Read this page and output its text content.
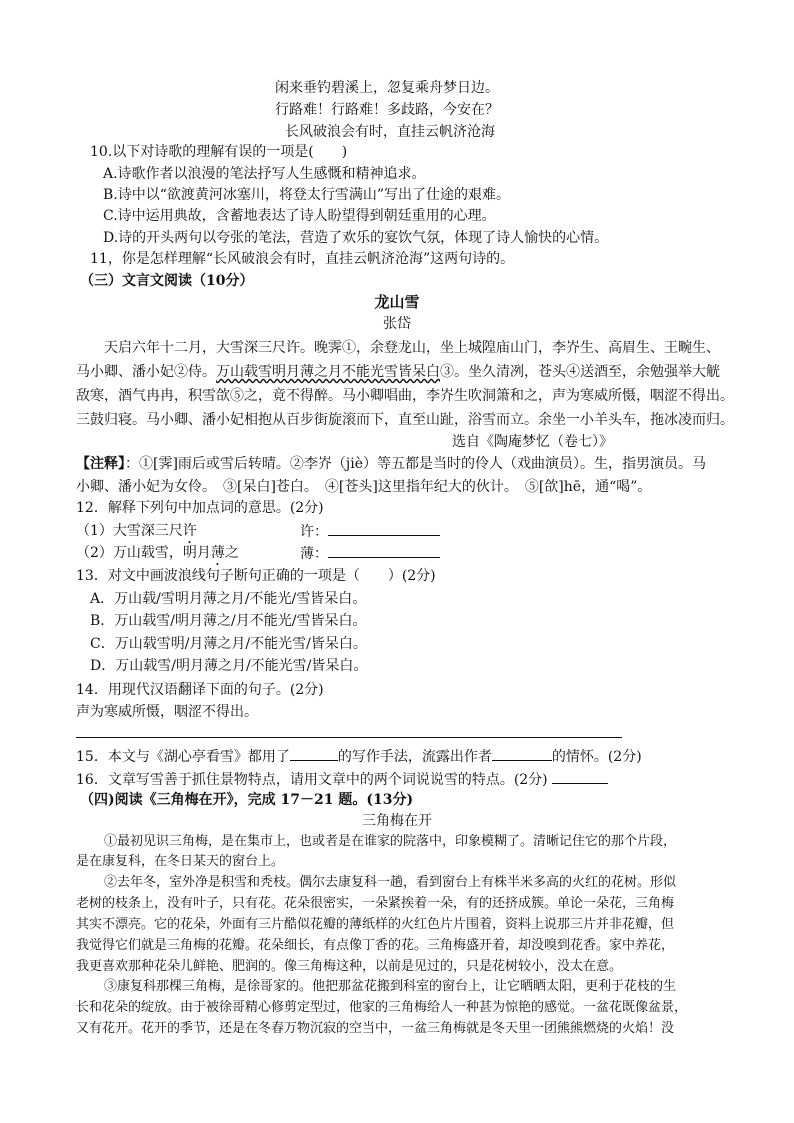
闲来垂钓碧溪上，忽复乘舟梦日边。
行路难！行路难！多歧路，今安在？
长风破浪会有时，直挂云帆济沧海
10.以下对诗歌的理解有误的一项是(　　)
A.诗歌作者以浪漫的笔法抒写人生感慨和精神追求。
B.诗中以“欲渡黄河冰塞川，将登太行雪满山”写出了仕途的艰难。
C.诗中运用典故，含蓄地表达了诗人盼望得到朝廷重用的心理。
D.诗的开头两句以夸张的笔法，营造了欢乐的宴饮气氛，体现了诗人愉快的心情。
11，你是怎样理解“长风破浪会有时，直挂云帆济沧海”这两句诗的。
（三）文言文阅读（10分）
龙山雪
张岱
天启六年十二月，大雪深三尺许。晚霁①，余登龙山，坐上城隍庙山门，李岕生、高眉生、王畹生、
马小卿、潘小妃②侍。万山载雪明月薄之月不能光雪皆呆白③。坐久清冽，苍头④送酒至，余勉强举大觥
敌寒，酒气冉冉，积雪欱⑤之，竟不得醉。马小卿唱曲，李岕生吹洞箫和之，声为寒威所慑，咽涩不得出。
三鼓归寝。马小卿、潘小妃相抱从百步街旋滚而下，直至山趾，浴雪而立。余坐一小羊头车，拖冰凌而归。
选自《陶庵梦忆（卷七）》
【注释】：①[霁]雨后或雪后转晴。②李岕（jiè）等五都是当时的伶人（戏曲演员）。生，指男演员。马
小卿、潘小妃为女伶。　③[呆白]苍白。　④[苍头]这里指年纪大的伙计。　⑤[欱]hē，通“喝”。
12．解释下列句中加点词的意思。(2分)
（1）大雪深三尺许	许：
（2）万山载雪，明月薄之	薄：
13．对文中画波浪线句子断句正确的一项是（　　）(2分)
A．万山载/雪明月薄之月/不能光/雪皆呆白。
B．万山载雪/明月薄之/月不能光/雪皆呆白。
C．万山载雪明/月薄之月/不能光雪/皆呆白。
D．万山载雪/明月薄之月/不能光雪/皆呆白。
14．用现代汉语翻译下面的句子。(2分)
声为寒威所慑，咽涩不得出。
15．本文与《湖心亭看雪》都用了	的写作手法，流露出作者	的情怀。(2分)
16．文章写雪善于抓住景物特点，请用文章中的两个词说说雪的特点。(2分)
（四)阅读《三角梅在开》，完成 17－21 题。(13分)
三角梅在开
①最初见识三角梅，是在集市上，也或者是在谁家的院落中，印象模糊了。清晰记住它的那个片段，
是在康复科，在冬日某天的窗台上。
②去年冬，室外净是积雪和秃枝。偶尔去康复科一趟，看到窗台上有株半米多高的火红的花树。形似
老树的枝条上，没有叶子，只有花。花朵很密实，一朵紧挨着一朵，有的还挤成簇。单论一朵花，三角梅
其实不漂亮。它的花朵，外面有三片酷似花瓣的薄纸样的火红色片片围着，资料上说那三片并非花瓣，但
我觉得它们就是三角梅的花瓣。花朵细长，有点像丁香的花。三角梅盛开着，却没嗅到花香。家中养花，
我更喜欢那种花朵儿鲜艳、肥润的。像三角梅这种，以前是见过的，只是花树较小，没太在意。
③康复科那棵三角梅，是徐哥家的。他把那盆花搬到科室的窗台上，让它晒晒太阳，更利于花枝的生
长和花朵的绽放。由于被徐哥精心修剪定型过，他家的三角梅给人一种甚为惊艳的感觉。一盆花既像盆景，
又有花开。花开的季节，还是在冬春万物沉寂的空当中，一盆三角梅就是冬天里一团熊熊燃烧的火焰！没
